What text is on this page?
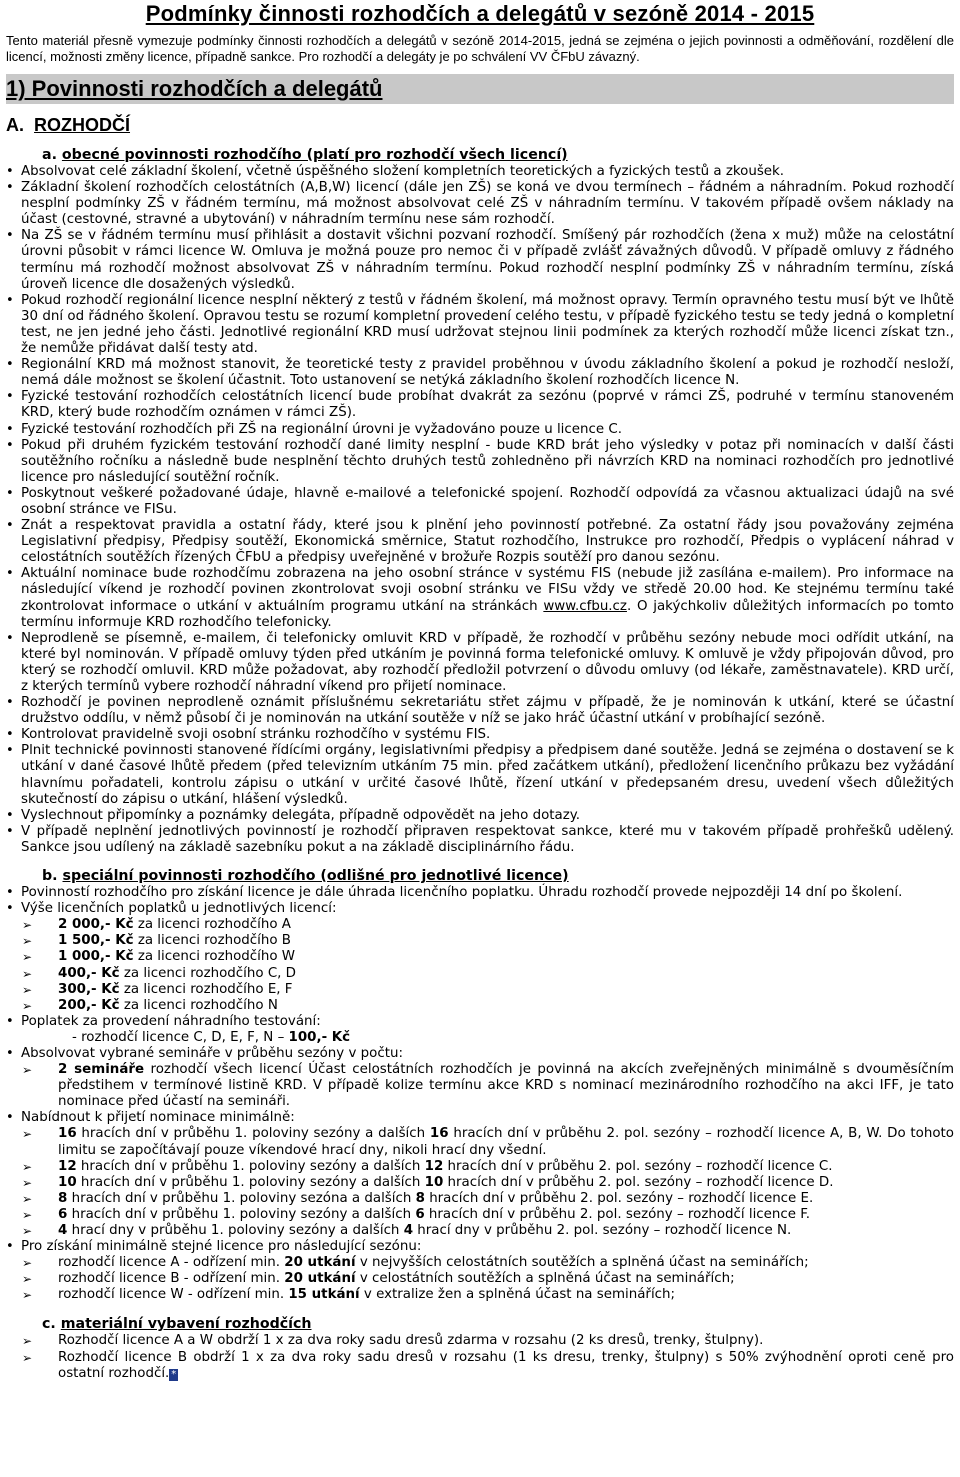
Podmínky činnosti rozhodčích a delegátů v sezóně 2014 - 2015

Tento materiál přesně vymezuje podmínky činnosti rozhodčích a delegátů v sezóně 2014-2015, jedná se zejména o jejich povinnosti a odměňování, rozdělení dle licencí, možnosti změny licence, případně sankce. Pro rozhodčí a delegáty je po schválení VV ČFbU závazný.

1) Povinnosti rozhodčích a delegátů
A. ROZHODČÍ
a. obecné povinnosti rozhodčího (platí pro rozhodčí všech licencí)
• Absolvovat celé základní školení, včetně úspěšného složení kompletních teoretických a fyzických testů a zkoušek.
• Základní školení rozhodčích celostátních (A,B,W) licencí (dále jen ZŠ) se koná ve dvou termínech – řádném a náhradním. Pokud rozhodčí nesplní podmínky ZŠ v řádném termínu, má možnost absolvovat celé ZŠ v náhradním termínu. V takovém případě ovšem náklady na účast (cestovné, stravné a ubytování) v náhradním termínu nese sám rozhodčí.
• Na ZŠ se v řádném termínu musí přihlásit a dostavit všichni pozvaní rozhodčí. Smíšený pár rozhodčích (žena x muž) může na celostátní úrovni působit v rámci licence W. Omluva je možná pouze pro nemoc či v případě zvlášť závažných důvodů. V případě omluvy z řádného termínu má rozhodčí možnost absolvovat ZŠ v náhradním termínu. Pokud rozhodčí nesplní podmínky ZŠ v náhradním termínu, získá úroveň licence dle dosažených výsledků.
• Pokud rozhodčí regionální licence nesplní některý z testů v řádném školení, má možnost opravy. Termín opravného testu musí být ve lhůtě 30 dní od řádného školení. Opravou testu se rozumí kompletní provedení celého testu, v případě fyzického testu se tedy jedná o kompletní test, ne jen jedné jeho části. Jednotlivé regionální KRD musí udržovat stejnou linii podmínek za kterých rozhodčí může licenci získat tzn., že nemůže přidávat další testy atd.
• Regionální KRD má možnost stanovit, že teoretické testy z pravidel proběhnou v úvodu základního školení a pokud je rozhodčí nesloží, nemá dále možnost se školení účastnit. Toto ustanovení se netýká základního školení rozhodčích licence N.
• Fyzické testování rozhodčích celostátních licencí bude probíhat dvakrát za sezónu (poprvé v rámci ZŠ, podruhé v termínu stanoveném KRD, který bude rozhodčím oznámen v rámci ZŠ).
• Fyzické testování rozhodčích při ZŠ na regionální úrovni je vyžadováno pouze u licence C.
• Pokud při druhém fyzickém testování rozhodčí dané limity nesplní - bude KRD brát jeho výsledky v potaz při nominacích v další části soutěžního ročníku a následně bude nesplnění těchto druhých testů zohledněno při návrzích KRD na nominaci rozhodčích pro jednotlivé licence pro následující soutěžní ročník.
• Poskytnout veškeré požadované údaje, hlavně e-mailové a telefonické spojení. Rozhodčí odpovídá za včasnou aktualizaci údajů na své osobní stránce ve FISu.
• Znát a respektovat pravidla a ostatní řády, které jsou k plnění jeho povinností potřebné. Za ostatní řády jsou považovány zejména Legislativní předpisy, Předpisy soutěží, Ekonomická směrnice, Statut rozhodčího, Instrukce pro rozhodčí, Předpis o vyplácení náhrad v celostátních soutěžích řízených ČFbU a předpisy uveřejněné v brožuře Rozpis soutěží pro danou sezónu.
• Aktuální nominace bude rozhodčímu zobrazena na jeho osobní stránce v systému FIS (nebude již zasílána e-mailem). Pro informace na následující víkend je rozhodčí povinen zkontrolovat svoji osobní stránku ve FISu vždy ve středě 20.00 hod. Ke stejnému termínu také zkontrolovat informace o utkání v aktuálním programu utkání na stránkách www.cfbu.cz. O jakýchkoliv důležitých informacích po tomto termínu informuje KRD rozhodčího telefonicky.
• Neprodleně se písemně, e-mailem, či telefonicky omluvit KRD v případě, že rozhodčí v průběhu sezóny nebude moci odřídit utkání, na které byl nominován. V případě omluvy týden před utkáním je povinná forma telefonické omluvy. K omluvě je vždy připojován důvod, pro který se rozhodčí omluvil. KRD může požadovat, aby rozhodčí předložil potvrzení o důvodu omluvy (od lékaře, zaměstnavatele). KRD určí, z kterých termínů vybere rozhodčí náhradní víkend pro přijetí nominace.
• Rozhodčí je povinen neprodleně oznámit příslušnému sekretariátu střet zájmu v případě, že je nominován k utkání, které se účastní družstvo oddílu, v němž působí či je nominován na utkání soutěže v níž se jako hráč účastní utkání v probíhající sezóně.
• Kontrolovat pravidelně svoji osobní stránku rozhodčího v systému FIS.
• Plnit technické povinnosti stanovené řídícími orgány, legislativními předpisy a předpisem dané soutěže. Jedná se zejména o dostavení se k utkání v dané časové lhůtě předem (před televizním utkáním 75 min. před začátkem utkání), předložení licenčního průkazu bez vyžádání hlavnímu pořadateli, kontrolu zápisu o utkání v určité časové lhůtě, řízení utkání v předepsaném dresu, uvedení všech důležitých skutečností do zápisu o utkání, hlášení výsledků.
• Vyslechnout připomínky a poznámky delegáta, případně odpovědět na jeho dotazy.
• V případě neplnění jednotlivých povinností je rozhodčí připraven respektovat sankce, které mu v takovém případě prohřešků udělený. Sankce jsou udílený na základě sazebníku pokut a na základě disciplinárního řádu.
b. speciální povinnosti rozhodčího (odlišné pro jednotlivé licence)
• Povinností rozhodčího pro získání licence je dále úhrada licenčního poplatku. Úhradu rozhodčí provede nejpozději 14 dní po školení.
• Výše licenčních poplatků u jednotlivých licencí:
➢ 2 000,- Kč za licenci rozhodčího A
➢ 1 500,- Kč za licenci rozhodčího B
➢ 1 000,- Kč za licenci rozhodčího W
➢ 400,- Kč za licenci rozhodčího C, D
➢ 300,- Kč za licenci rozhodčího E, F
➢ 200,- Kč za licenci rozhodčího N
• Poplatek za provedení náhradního testování:
- rozhodčí licence C, D, E, F, N – 100,- Kč
• Absolvovat vybrané semináře v průběhu sezóny v počtu:
➢ 2 semináře rozhodčí všech licencí Účast celostátních rozhodčích je povinná na akcích zveřejněných minimálně s dvouměsíčním předstihem v termínové listině KRD. V případě kolize termínu akce KRD s nominací mezinárodního rozhodčího na akci IFF, je tato nominace před účastí na semináři.
• Nabídnout k přijetí nominace minimálně:
➢ 16 hracích dní v průběhu 1. poloviny sezóny a dalších 16 hracích dní v průběhu 2. pol. sezóny – rozhodčí licence A, B, W. Do tohoto limitu se započítávají pouze víkendové hrací dny, nikoli hrací dny všední.
➢ 12 hracích dní v průběhu 1. poloviny sezóny a dalších 12 hracích dní v průběhu 2. pol. sezóny – rozhodčí licence C.
➢ 10 hracích dní v průběhu 1. poloviny sezóny a dalších 10 hracích dní v průběhu 2. pol. sezóny – rozhodčí licence D.
➢ 8 hracích dní v průběhu 1. poloviny sezóna a dalších 8 hracích dní v průběhu 2. pol. sezóny – rozhodčí licence E.
➢ 6 hracích dní v průběhu 1. poloviny sezóny a dalších 6 hracích dní v průběhu 2. pol. sezóny – rozhodčí licence F.
➢ 4 hrací dny v průběhu 1. poloviny sezóny a dalších 4 hrací dny v průběhu 2. pol. sezóny – rozhodčí licence N.
• Pro získání minimálně stejné licence pro následující sezónu:
➢ rozhodčí licence A - odřízení min. 20 utkání v nejvyšších celostátních soutěžích a splněná účast na seminářích;
➢ rozhodčí licence B - odřízení min. 20 utkání v celostátních soutěžích a splněná účast na seminářích;
➢ rozhodčí licence W - odřízení min. 15 utkání v extralize žen a splněná účast na seminářích;
c. materiální vybavení rozhodčích
➢ Rozhodčí licence A a W obdrží 1 x za dva roky sadu dresů zdarma v rozsahu (2 ks dresů, trenky, štulpny).
➢ Rozhodčí licence B obdrží 1 x za dva roky sadu dresů v rozsahu (1 ks dresu, trenky, štulpny) s 50% zvýhodnění oproti ceně pro ostatní rozhodčí. *
